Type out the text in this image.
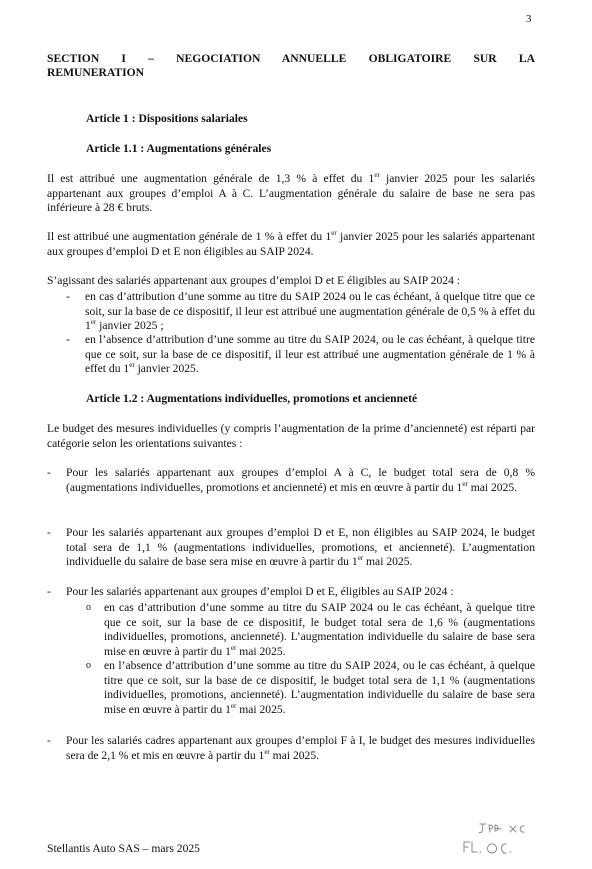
3
SECTION I – NEGOCIATION ANNUELLE OBLIGATOIRE SUR LA
REMUNERATION
Article 1 : Dispositions salariales
Article 1.1 : Augmentations générales
Il est attribué une augmentation générale de 1,3 % à effet du 1er janvier 2025 pour les salariés appartenant aux groupes d’emploi A à C. L’augmentation générale du salaire de base ne sera pas inférieure à 28 € bruts.
Il est attribué une augmentation générale de 1 % à effet du 1er janvier 2025 pour les salariés appartenant aux groupes d’emploi D et E non éligibles au SAIP 2024.
S’agissant des salariés appartenant aux groupes d’emploi D et E éligibles au SAIP 2024 :
- en cas d’attribution d’une somme au titre du SAIP 2024 ou le cas échéant, à quelque titre que ce soit, sur la base de ce dispositif, il leur est attribué une augmentation générale de 0,5 % à effet du 1er janvier 2025 ;
- en l’absence d’attribution d’une somme au titre du SAIP 2024, ou le cas échéant, à quelque titre que ce soit, sur la base de ce dispositif, il leur est attribué une augmentation générale de 1 % à effet du 1er janvier 2025.
Article 1.2 : Augmentations individuelles, promotions et ancienneté
Le budget des mesures individuelles (y compris l’augmentation de la prime d’ancienneté) est réparti par catégorie selon les orientations suivantes :
- Pour les salariés appartenant aux groupes d’emploi A à C, le budget total sera de 0,8 % (augmentations individuelles, promotions et ancienneté) et mis en œuvre à partir du 1er mai 2025.
- Pour les salariés appartenant aux groupes d’emploi D et E, non éligibles au SAIP 2024, le budget total sera de 1,1 % (augmentations individuelles, promotions, et ancienneté). L’augmentation individuelle du salaire de base sera mise en œuvre à partir du 1er mai 2025.
- Pour les salariés appartenant aux groupes d’emploi D et E, éligibles au SAIP 2024 :
o en cas d’attribution d’une somme au titre du SAIP 2024 ou le cas échéant, à quelque titre que ce soit, sur la base de ce dispositif, le budget total sera de 1,6 % (augmentations individuelles, promotions, ancienneté). L’augmentation individuelle du salaire de base sera mise en œuvre à partir du 1er mai 2025.
o en l’absence d’attribution d’une somme au titre du SAIP 2024, ou le cas échéant, à quelque titre que ce soit, sur la base de ce dispositif, le budget total sera de 1,1 % (augmentations individuelles, promotions, ancienneté). L’augmentation individuelle du salaire de base sera mise en œuvre à partir du 1er mai 2025.
- Pour les salariés cadres appartenant aux groupes d’emploi F à I, le budget des mesures individuelles sera de 2,1 % et mis en œuvre à partir du 1er mai 2025.
Stellantis Auto SAS – mars 2025
